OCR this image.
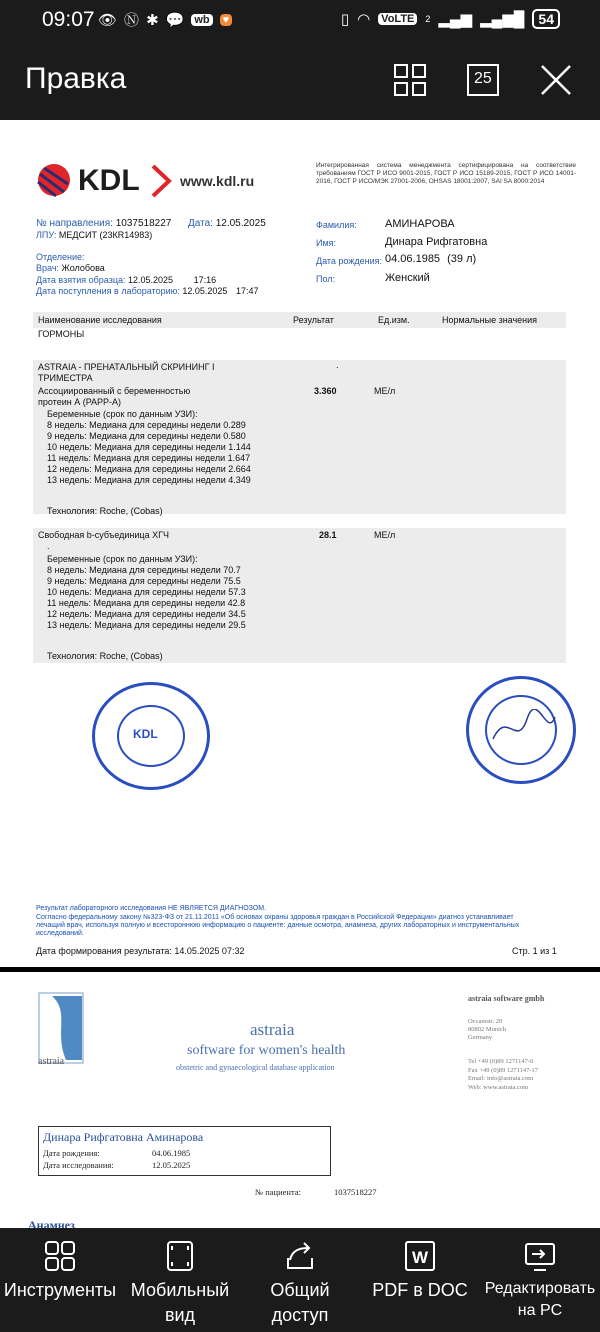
09:07 👁 Ⓝ ✱ 💬 wb ♥	▯ ◠ VoLTE	2 ▂▄▆ ▂▄▆█	54
Правка	25
KDL	www.kdl.ru
Интегрированная система менеджмента сертифицирована на соответствие требованиям ГОСТ Р ИСО 9001-2015, ГОСТ Р ИСО 15189-2015, ГОСТ Р ИСО 14001-2016, ГОСТ Р ИСО/МЭК 27001-2006, OHSAS 18001:2007, SAI SA 8000:2014
№ направления: 1037518227 Дата: 12.05.2025
ЛПУ: МЕДСИТ (23КR14983)
Отделение:
Врач: Жолобова
Дата взятия образца: 12.05.2025 17:16
Дата поступления в лабораторию: 12.05.2025 17:47
Фамилия:	АМИНАРОВА
Имя:	Динара Рифгатовна
Дата рождения: 04.06.1985 (39 л)
Пол:	Женский
Наименование исследования	Результат	Ед.изм.	Нормальные значения
ГОРМОНЫ
ASTRAIA - ПРЕНАТАЛЬНЫЙ СКРИНИНГ I ТРИМЕСТРА
.
Ассоциированный с беременностью протеин А (PAPP-A)
3.360	МЕ/л
Беременные (срок по данным УЗИ):
8 недель: Медиана для середины недели 0.289
9 недель: Медиана для середины недели 0.580
10 недель: Медиана для середины недели 1.144
11 недель: Медиана для середины недели 1.647
12 недель: Медиана для середины недели 2.664
13 недель: Медиана для середины недели 4.349
Технология: Roche, (Cobas)
Свободная b-субъединица ХГЧ	28.1	МЕ/л
.
Беременные (срок по данным УЗИ):
8 недель: Медиана для середины недели 70.7
9 недель: Медиана для середины недели 75.5
10 недель: Медиана для середины недели 57.3
11 недель: Медиана для середины недели 42.8
12 недель: Медиана для середины недели 34.5
13 недель: Медиана для середины недели 29.5
Технология: Roche, (Cobas)
KDL
Результат лабораторного исследования НЕ ЯВЛЯЕТСЯ ДИАГНОЗОМ.
Согласно федеральному закону №323-ФЗ от 21.11.2011 «Об основах охраны здоровья граждан в Российской Федерации» диагноз устанавливает лечащий врач, используя полную и всестороннюю информацию о пациенте: данные осмотра, анамнеза, других лабораторных и инструментальных исследований.
Дата формирования результата: 14.05.2025 07:32	Стр. 1 из 1
astraia
astraia
software for women's health
obstetric and gynaecological database application
astraia software gmbh
Occamstr. 20
80802 Munich
Germany
Tel +49 (0)89 1271147-0
Fax +49 (0)89 1271147-17
Email: info@astraia.com
Web: www.astraia.com
Динара Рифгатовна Аминарова
Дата рождения:	04.06.1985
Дата исследования:	12.05.2025
№ пациента:	1037518227
Анамнез
Инструменты Мобильный вид
Общий доступ
W
PDF в DOC	Редактировать на PC
